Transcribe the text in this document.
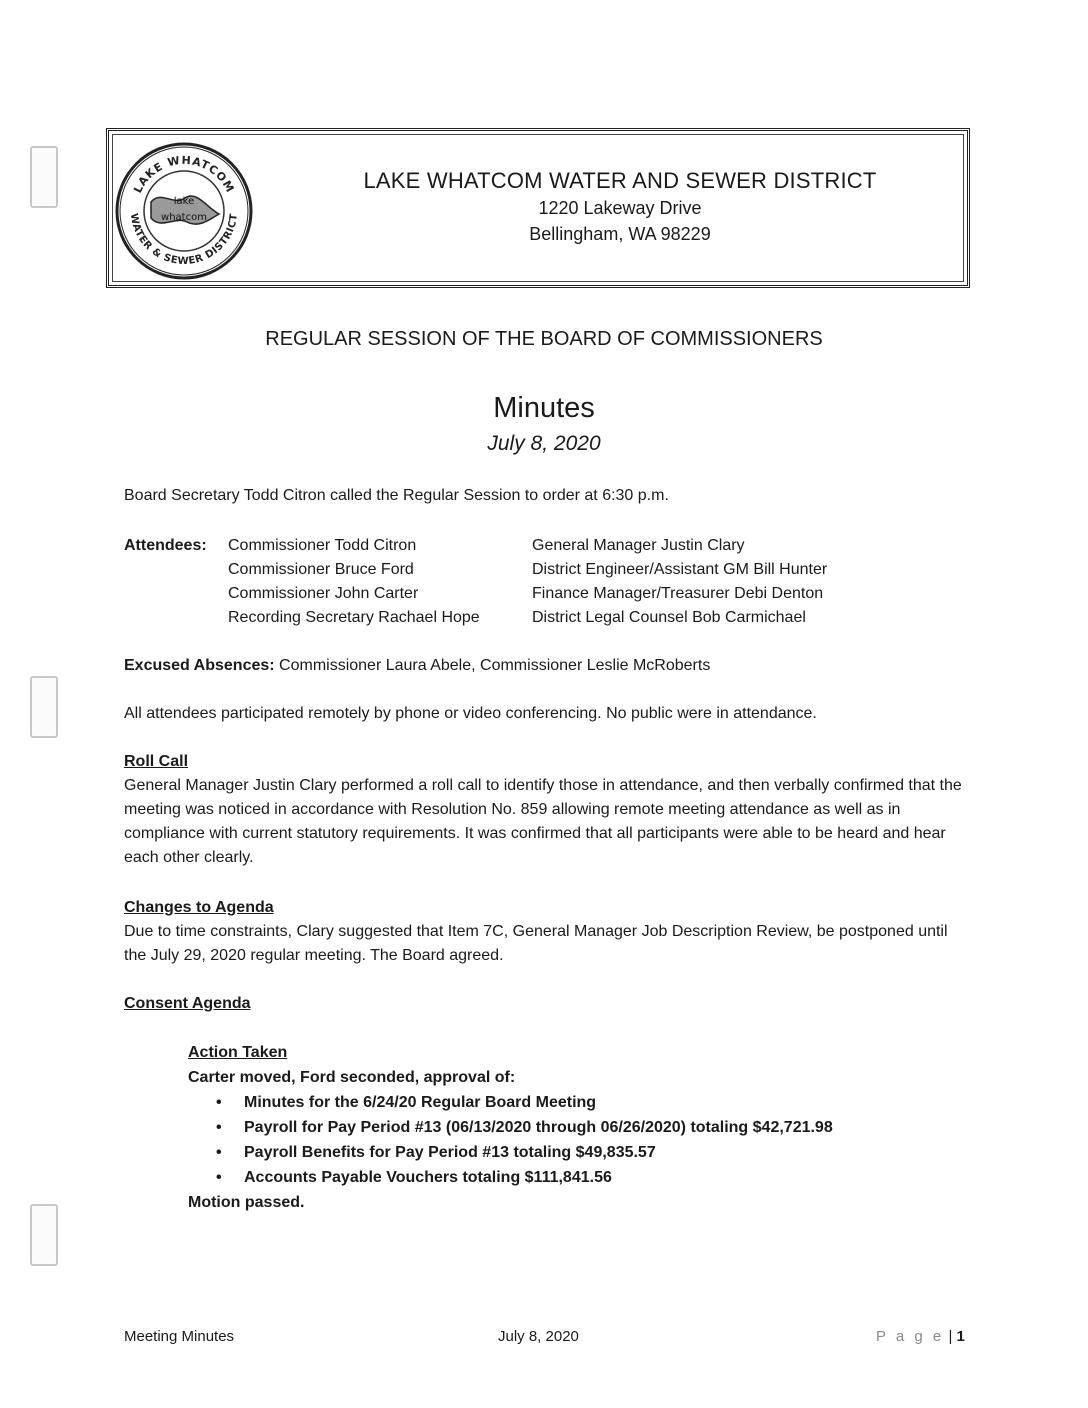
LAKE WHATCOM
WATER & SEWER DISTRICT
lake
whatcom
LAKE WHATCOM WATER AND SEWER DISTRICT
1220 Lakeway Drive
Bellingham, WA 98229
REGULAR SESSION OF THE BOARD OF COMMISSIONERS
Minutes
July 8, 2020
Board Secretary Todd Citron called the Regular Session to order at 6:30 p.m.
Attendees: Commissioner Todd Citron
Commissioner Bruce Ford
Commissioner John Carter
Recording Secretary Rachael Hope
General Manager Justin Clary
District Engineer/Assistant GM Bill Hunter
Finance Manager/Treasurer Debi Denton
District Legal Counsel Bob Carmichael
Excused Absences: Commissioner Laura Abele, Commissioner Leslie McRoberts
All attendees participated remotely by phone or video conferencing. No public were in attendance.
Roll Call
General Manager Justin Clary performed a roll call to identify those in attendance, and then verbally confirmed that the meeting was noticed in accordance with Resolution No. 859 allowing remote meeting attendance as well as in compliance with current statutory requirements. It was confirmed that all participants were able to be heard and hear each other clearly.
Changes to Agenda
Due to time constraints, Clary suggested that Item 7C, General Manager Job Description Review, be postponed until the July 29, 2020 regular meeting. The Board agreed.
Consent Agenda
Action Taken
Carter moved, Ford seconded, approval of:
• Minutes for the 6/24/20 Regular Board Meeting
• Payroll for Pay Period #13 (06/13/2020 through 06/26/2020) totaling $42,721.98
• Payroll Benefits for Pay Period #13 totaling $49,835.57
• Accounts Payable Vouchers totaling $111,841.56
Motion passed.
Meeting Minutes	July 8, 2020	P a g e | 1
